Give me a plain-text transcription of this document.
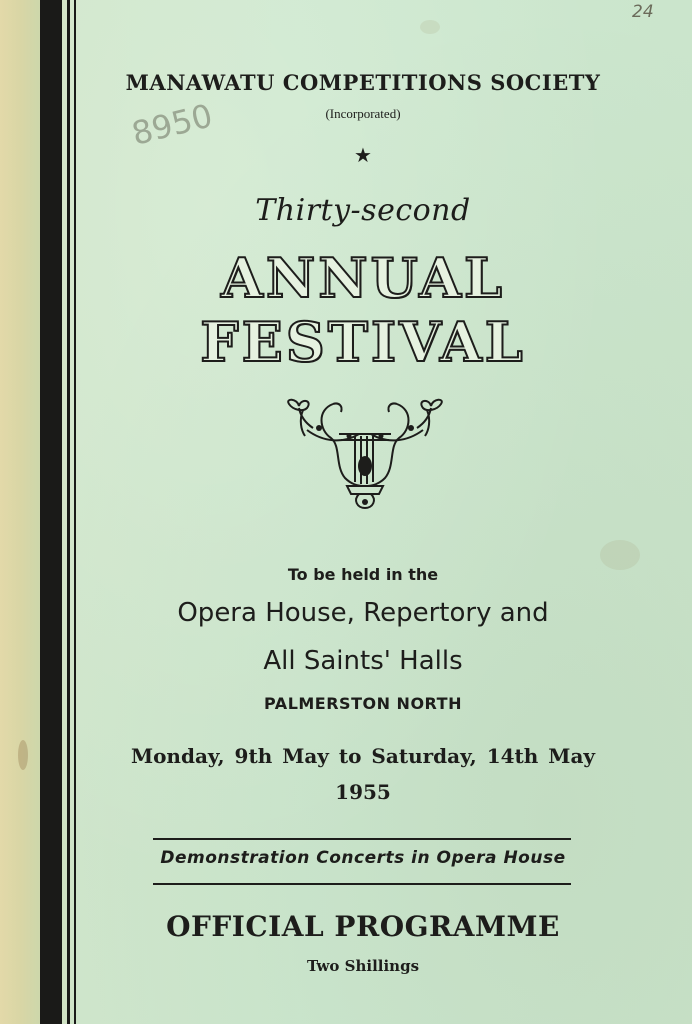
24
8950
MANAWATU COMPETITIONS SOCIETY
(Incorporated)
★
Thirty-second
ANNUAL
FESTIVAL
To be held in the
Opera House, Repertory and
All Saints' Halls
PALMERSTON NORTH
Monday, 9th May to Saturday, 14th May
1955
Demonstration Concerts in Opera House
OFFICIAL PROGRAMME
Two Shillings
